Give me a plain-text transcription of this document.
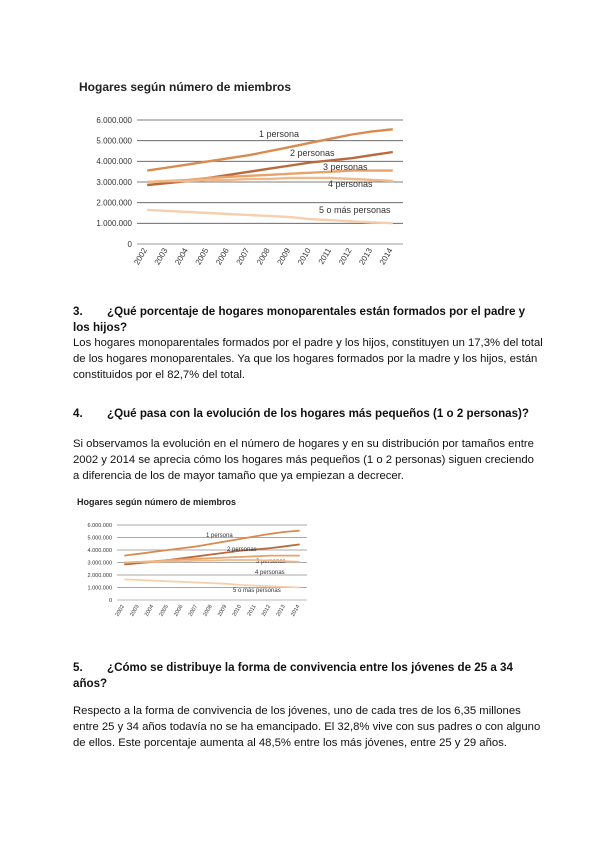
Hogares según número de miembros
0
1.000.000
2.000.000
3.000.000
4.000.000
5.000.000
6.000.000
2002 2003 2004 2005 2006 2007 2008 2009 2010 2011 2012 2013 2014
1 persona
2 personas
3 personas
4 personas
5 o más personas
3. ¿Qué porcentaje de hogares monoparentales están formados por el padre y los hijos?
Los hogares monoparentales formados por el padre y los hijos, constituyen un 17,3% del total de los hogares monoparentales. Ya que los hogares formados por la madre y los hijos, están constituidos por el 82,7% del total.
4. ¿Qué pasa con la evolución de los hogares más pequeños (1 o 2 personas)?
Si observamos la evolución en el número de hogares y en su distribución por tamaños entre 2002 y 2014 se aprecia cómo los hogares más pequeños (1 o 2 personas) siguen creciendo a diferencia de los de mayor tamaño que ya empiezan a decrecer.
Hogares según número de miembros
0
1.000.000
2.000.000
3.000.000
4.000.000
5.000.000
6.000.000
2002 2003 2004 2005 2006 2007 2008 2009 2010 2011 2012 2013 2014
1 persona
2 personas
3 personas
4 personas
5 o más personas
5. ¿Cómo se distribuye la forma de convivencia entre los jóvenes de 25 a 34 años?
Respecto a la forma de convivencia de los jóvenes, uno de cada tres de los 6,35 millones entre 25 y 34 años todavía no se ha emancipado. El 32,8% vive con sus padres o con alguno de ellos. Este porcentaje aumenta al 48,5% entre los más jóvenes, entre 25 y 29 años.
